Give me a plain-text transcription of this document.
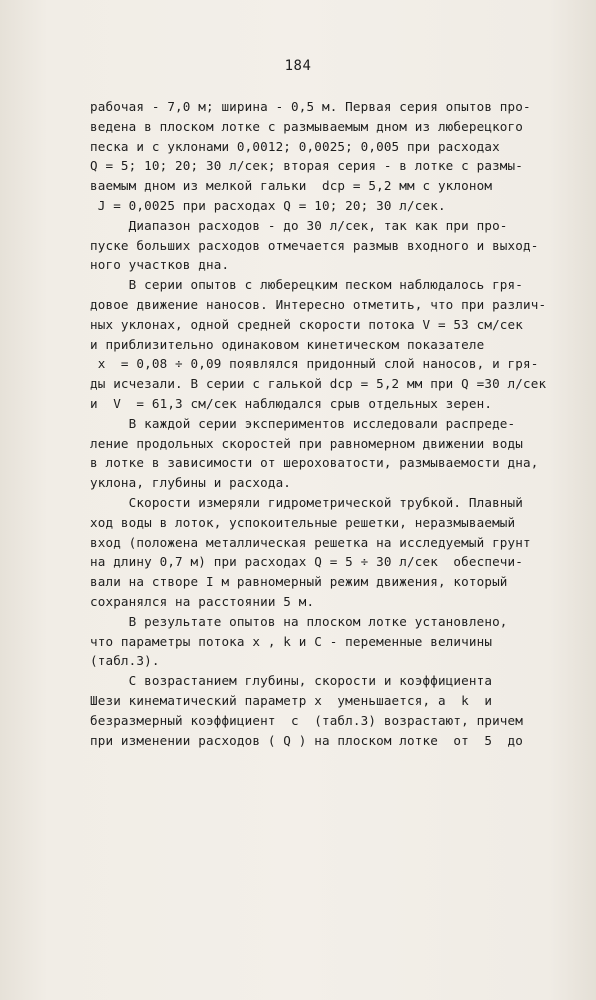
184
рабочая - 7,0 м; ширина - 0,5 м. Первая серия опытов про-
ведена в плоском лотке с размываемым дном из люберецкого
песка и с уклонами 0,0012; 0,0025; 0,005 при расходах
Q = 5; 10; 20; 30 л/сек; вторая серия - в лотке с размы-
ваемым дном из мелкой гальки  dср = 5,2 мм с уклоном
J = 0,0025 при расходах Q = 10; 20; 30 л/сек.
Диапазон расходов - до 30 л/сек, так как при про-
пуске больших расходов отмечается размыв входного и выход-
ного участков дна.
В серии опытов с люберецким песком наблюдалось гря-
довое движение наносов. Интересно отметить, что при различ-
ных уклонах, одной средней скорости потока V = 53 см/сек
и приблизительно одинаковом кинетическом показателе
x  = 0,08 ÷ 0,09 появлялся придонный слой наносов, и гря-
ды исчезали. В серии с галькой dср = 5,2 мм при Q =30 л/сек
и  V  = 61,3 см/сек наблюдался срыв отдельных зерен.
В каждой серии экспериментов исследовали распреде-
ление продольных скоростей при равномерном движении воды
в лотке в зависимости от шероховатости, размываемости дна,
уклона, глубины и расхода.
Скорости измеряли гидрометрической трубкой. Плавный
ход воды в лоток, успокоительные решетки, неразмываемый
вход (положена металлическая решетка на исследуемый грунт
на длину 0,7 м) при расходах Q = 5 ÷ 30 л/сек  обеспечи-
вали на створе I м равномерный режим движения, который
сохранялся на расстоянии 5 м.
В результате опытов на плоском лотке установлено,
что параметры потока x , k и C - переменные величины
(табл.3).
С возрастанием глубины, скорости и коэффициента
Шези кинематический параметр x  уменьшается, а  k  и
безразмерный коэффициент  c  (табл.3) возрастают, причем
при изменении расходов ( Q ) на плоском лотке  от  5  до
